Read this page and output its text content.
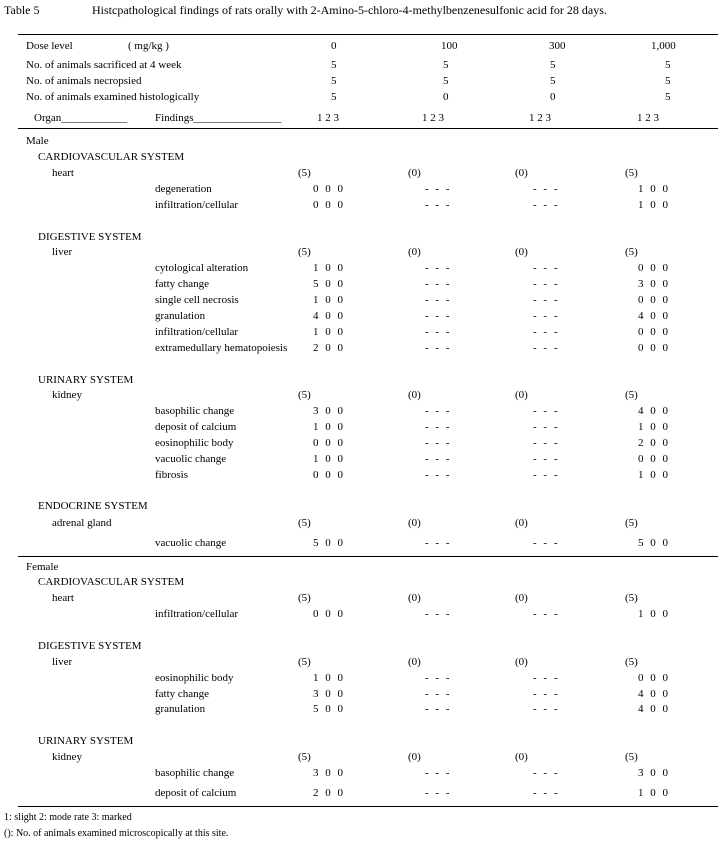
Table 5	Histcpathological findings of rats orally with 2-Amino-5-chloro-4-methylbenzenesulfonic acid for 28 days.
Dose level	( mg/kg )	0	100	300	1,000
No. of animals sacrificed at 4 week	5	5	5	5
No. of animals necropsied	5	5	5	5
No. of animals examined histologically	5	0	0	5
Organ____________	Findings________________	1 2 3	1 2 3	1 2 3	1 2 3
Male
CARDIOVASCULAR SYSTEM
heart	(5)	(0)	(0)	(5)
degeneration	0 0 0	- - -	- - -	1 0 0
infiltration/cellular	0 0 0	- - -	- - -	1 0 0
DIGESTIVE SYSTEM
liver	(5)	(0)	(0)	(5)
cytological alteration	1 0 0	- - -	- - -	0 0 0
fatty change	5 0 0	- - -	- - -	3 0 0
single cell necrosis	1 0 0	- - -	- - -	0 0 0
granulation	4 0 0	- - -	- - -	4 0 0
infiltration/cellular	1 0 0	- - -	- - -	0 0 0
extramedullary hematopoiesis 2 0 0	- - -	- - -	0 0 0
URINARY SYSTEM
kidney	(5)	(0)	(0)	(5)
basophilic change	3 0 0	- - -	- - -	4 0 0
deposit of calcium	1 0 0	- - -	- - -	1 0 0
eosinophilic body	0 0 0	- - -	- - -	2 0 0
vacuolic change	1 0 0	- - -	- - -	0 0 0
fibrosis	0 0 0	- - -	- - -	1 0 0
ENDOCRINE SYSTEM
adrenal gland	(5)	(0)	(0)	(5)
vacuolic change	5 0 0	- - -	- - -	5 0 0
Female
CARDIOVASCULAR SYSTEM
heart	(5)	(0)	(0)	(5)
infiltration/cellular	0 0 0	- - -	- - -	1 0 0
DIGESTIVE SYSTEM
liver	(5)	(0)	(0)	(5)
eosinophilic body	1 0 0	- - -	- - -	0 0 0
fatty change	3 0 0	- - -	- - -	4 0 0
granulation	5 0 0	- - -	- - -	4 0 0
URINARY SYSTEM
kidney	(5)	(0)	(0)	(5)
basophilic change	3 0 0	- - -	- - -	3 0 0
deposit of calcium	2 0 0	- - -	- - -	1 0 0
1: slight 2: mode rate 3: marked
(): No. of animals examined microscopically at this site.
